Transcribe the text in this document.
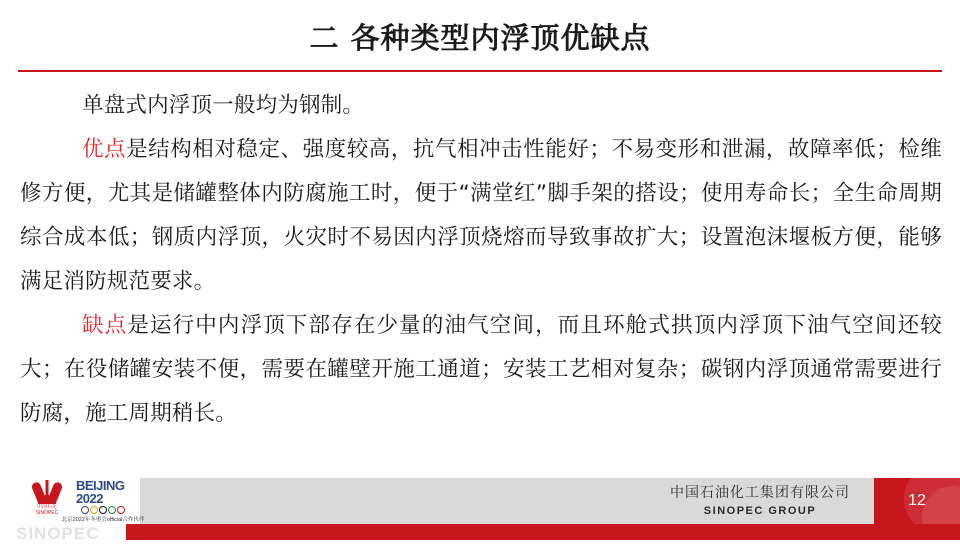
二 各种类型内浮顶优缺点

单盘式内浮顶一般均为钢制。

优点是结构相对稳定、强度较高，抗气相冲击性能好；不易变形和泄漏，故障率低；检维修方便，尤其是储罐整体内防腐施工时，便于“满堂红”脚手架的搭设；使用寿命长；全生命周期综合成本低；钢质内浮顶，火灾时不易因内浮顶烧熔而导致事故扩大；设置泡沫堰板方便，能够满足消防规范要求。

缺点是运行中内浮顶下部存在少量的油气空间，而且环舱式拱顶内浮顶下油气空间还较大；在役储罐安装不便，需要在罐壁开施工通道；安装工艺相对复杂；碳钢内浮顶通常需要进行防腐，施工周期稍长。

中国石化
SINOPEC
BEIJING 2022
北京2022年冬奥会official合作伙伴
中国石油化工集团有限公司
SINOPEC GROUP
12
SINOPEC
